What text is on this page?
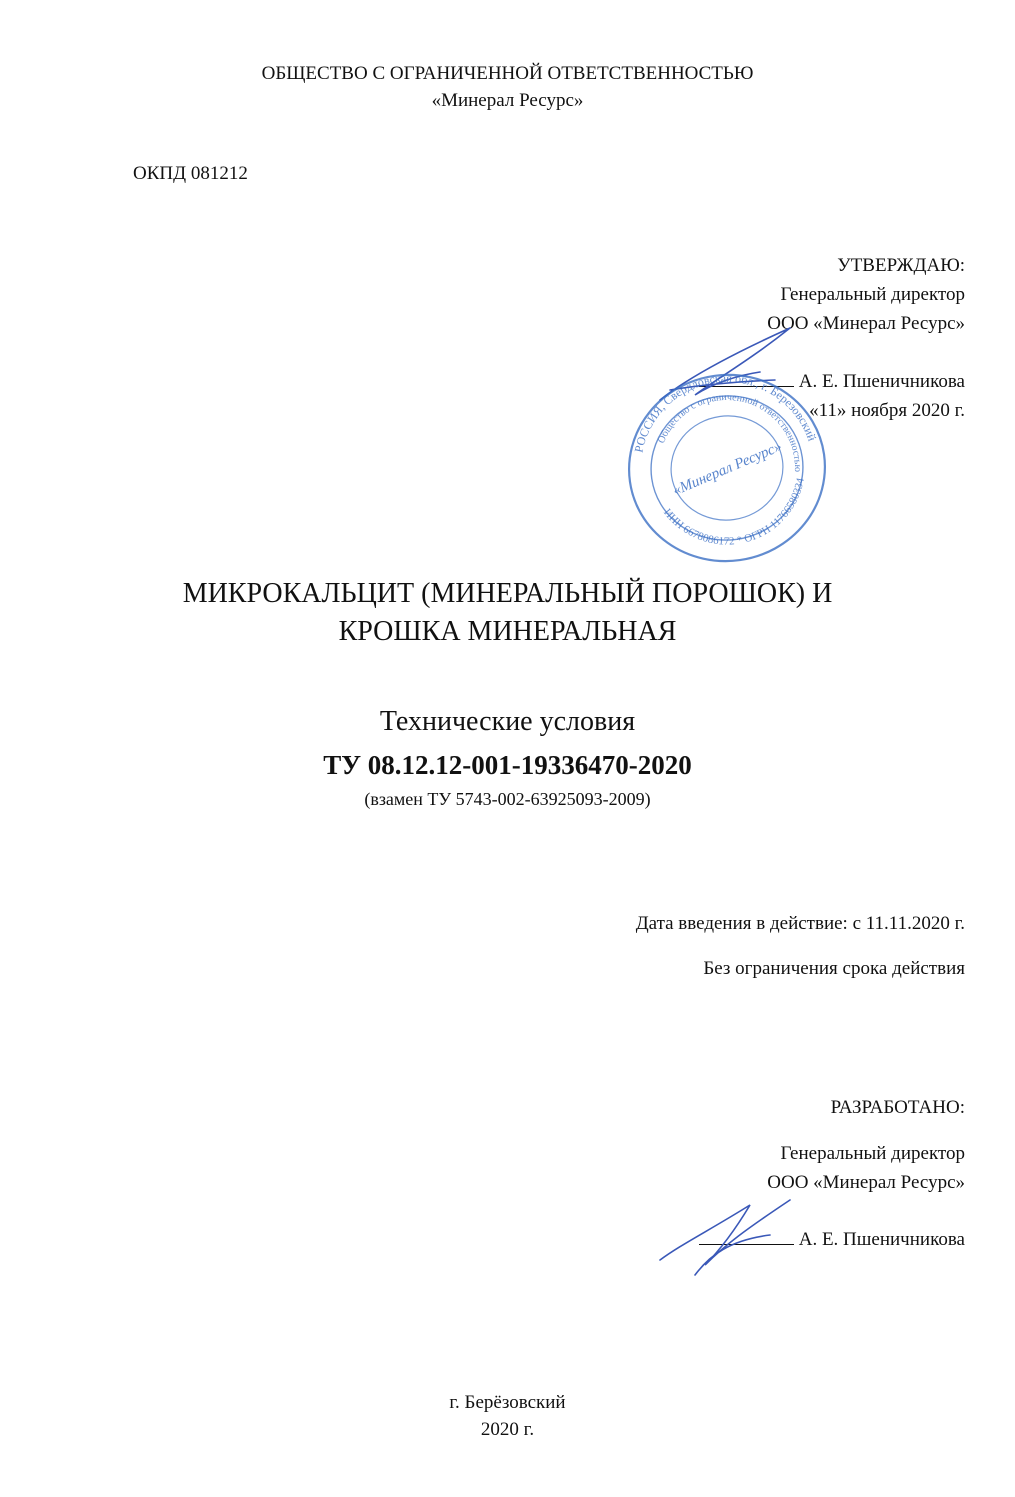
ОБЩЕСТВО С ОГРАНИЧЕННОЙ ОТВЕТСТВЕННОСТЬЮ
«Минерал Ресурс»
ОКПД 081212
УТВЕРЖДАЮ:
Генеральный директор
ООО «Минерал Ресурс»
А. Е. Пшеничникова
«11» ноября 2020 г.
РОССИЯ, Свердловская обл., г. Березовский
Общество с ограниченной ответственностью
ИНН 6678086172 * ОГРН 1176658033403
«Минерал Ресурс»
МИКРОКАЛЬЦИТ (МИНЕРАЛЬНЫЙ ПОРОШОК) И
КРОШКА МИНЕРАЛЬНАЯ
Технические условия
ТУ 08.12.12-001-19336470-2020
(взамен ТУ 5743-002-63925093-2009)
Дата введения в действие: с 11.11.2020 г.
Без ограничения срока действия
РАЗРАБОТАНО:
Генеральный директор
ООО «Минерал Ресурс»
А. Е. Пшеничникова
г. Берёзовский
2020 г.
